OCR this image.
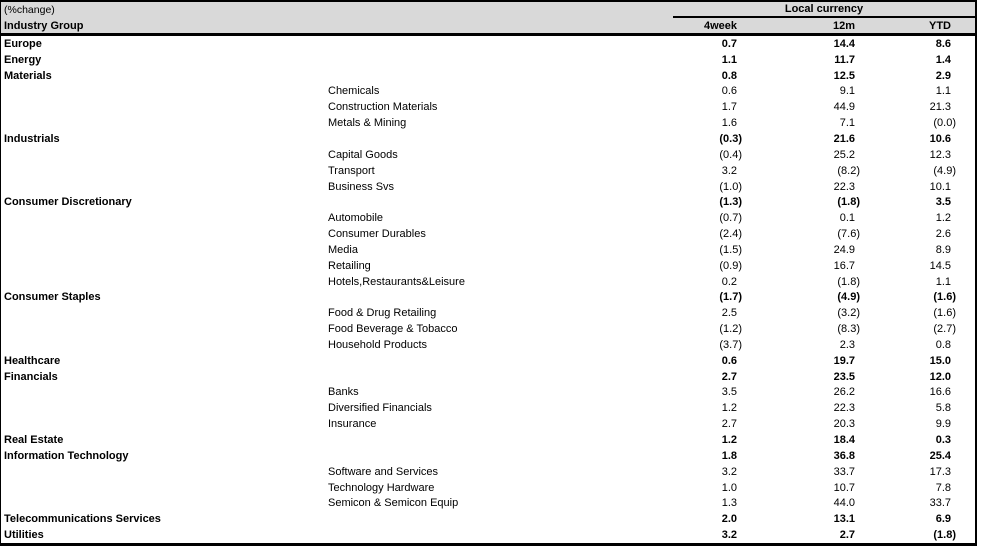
(%change)	Local currency
Industry Group	4week	12m	YTD
Europe	0.7	14.4	8.6
Energy	1.1	11.7	1.4
Materials	0.8	12.5	2.9
Chemicals	0.6	9.1	1.1
Construction Materials	1.7	44.9	21.3
Metals & Mining	1.6	7.1	(0.0)
Industrials	(0.3)	21.6	10.6
Capital Goods	(0.4)	25.2	12.3
Transport	3.2	(8.2)	(4.9)
Business Svs	(1.0)	22.3	10.1
Consumer Discretionary	(1.3)	(1.8)	3.5
Automobile	(0.7)	0.1	1.2
Consumer Durables	(2.4)	(7.6)	2.6
Media	(1.5)	24.9	8.9
Retailing	(0.9)	16.7	14.5
Hotels,Restaurants&Leisure	0.2	(1.8)	1.1
Consumer Staples	(1.7)	(4.9)	(1.6)
Food & Drug Retailing	2.5	(3.2)	(1.6)
Food Beverage & Tobacco	(1.2)	(8.3)	(2.7)
Household Products	(3.7)	2.3	0.8
Healthcare	0.6	19.7	15.0
Financials	2.7	23.5	12.0
Banks	3.5	26.2	16.6
Diversified Financials	1.2	22.3	5.8
Insurance	2.7	20.3	9.9
Real Estate	1.2	18.4	0.3
Information Technology	1.8	36.8	25.4
Software and Services	3.2	33.7	17.3
Technology Hardware	1.0	10.7	7.8
Semicon & Semicon Equip	1.3	44.0	33.7
Telecommunications Services	2.0	13.1	6.9
Utilities	3.2	2.7	(1.8)
